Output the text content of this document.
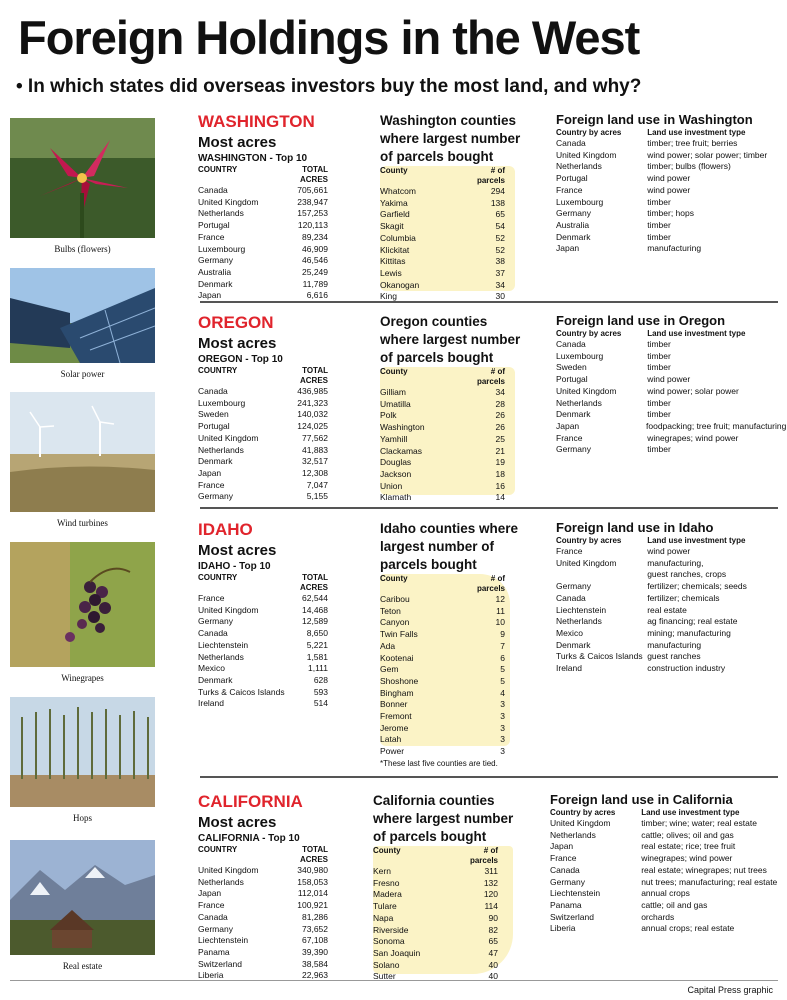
Foreign Holdings in the West
• In which states did overseas investors buy the most land, and why?
Bulbs (flowers)
Solar power
Wind turbines
Winegrapes
Hops
Real estate
WASHINGTON
Most acres
WASHINGTON - Top 10
COUNTRY	TOTAL ACRES
Canada	705,661
United Kingdom	238,947
Netherlands	157,253
Portugal	120,113
France	89,234
Luxembourg	46,909
Germany	46,546
Australia	25,249
Denmark	11,789
Japan	6,616
Washington counties where largest number of parcels bought
County	# of parcels
Whatcom	294
Yakima	138
Garfield	65
Skagit	54
Columbia	52
Klickitat	52
Kittitas	38
Lewis	37
Okanogan	34
King	30
Foreign land use in Washington
Country by acres	Land use investment type
Canada	timber; tree fruit; berries
United Kingdom	wind power; solar power; timber
Netherlands	timber; bulbs (flowers)
Portugal	wind power
France	wind power
Luxembourg	timber
Germany	timber; hops
Australia	timber
Denmark	timber
Japan	manufacturing
OREGON
Most acres
OREGON - Top 10
COUNTRY	TOTAL ACRES
Canada	436,985
Luxembourg	241,323
Sweden	140,032
Portugal	124,025
United Kingdom	77,562
Netherlands	41,883
Denmark	32,517
Japan	12,308
France	7,047
Germany	5,155
Oregon counties where largest number of parcels bought
County	# of parcels
Gilliam	34
Umatilla	28
Polk	26
Washington	26
Yamhill	25
Clackamas	21
Douglas	19
Jackson	18
Union	16
Klamath	14
Foreign land use in Oregon
Country by acres	Land use investment type
Canada	timber
Luxembourg	timber
Sweden	timber
Portugal	wind power
United Kingdom	wind power; solar power
Netherlands	timber
Denmark	timber
Japan	foodpacking; tree fruit; manufacturing
France	winegrapes; wind power
Germany	timber
IDAHO
Most acres
IDAHO - Top 10
COUNTRY	TOTAL ACRES
France	62,544
United Kingdom	14,468
Germany	12,589
Canada	8,650
Liechtenstein	5,221
Netherlands	1,581
Mexico	1,111
Denmark	628
Turks & Caicos Islands	593
Ireland	514
Idaho counties where largest number of parcels bought
County	# of parcels
Caribou	12
Teton	11
Canyon	10
Twin Falls	9
Ada	7
Kootenai	6
Gem	5
Shoshone	5
Bingham	4
Bonner	3
Fremont	3
Jerome	3
Latah	3
Power	3
*These last five counties are tied.
Foreign land use in Idaho
Country by acres	Land use investment type
France	wind power
United Kingdom	manufacturing,
guest ranches, crops
Germany	fertilizer; chemicals; seeds
Canada	fertilizer; chemicals
Liechtenstein	real estate
Netherlands	ag financing; real estate
Mexico	mining; manufacturing
Denmark	manufacturing
Turks & Caicos Islands guest ranches
Ireland	construction industry
CALIFORNIA
Most acres
CALIFORNIA - Top 10
COUNTRY	TOTAL ACRES
United Kingdom	340,980
Netherlands	158,053
Japan	112,014
France	100,921
Canada	81,286
Germany	73,652
Liechtenstein	67,108
Panama	39,390
Switzerland	38,584
Liberia	22,963
California counties where largest number of parcels bought
County	# of parcels
Kern	311
Fresno	132
Madera	120
Tulare	114
Napa	90
Riverside	82
Sonoma	65
San Joaquin	47
Solano	40
Sutter	40
Foreign land use in California
Country by acres	Land use investment type
United Kingdom	timber; wine; water; real estate
Netherlands	cattle; olives; oil and gas
Japan	real estate; rice; tree fruit
France	winegrapes; wind power
Canada	real estate; winegrapes; nut trees
Germany	nut trees; manufacturing; real estate
Liechtenstein	annual crops
Panama	cattle; oil and gas
Switzerland	orchards
Liberia	annual crops; real estate
Capital Press graphic
